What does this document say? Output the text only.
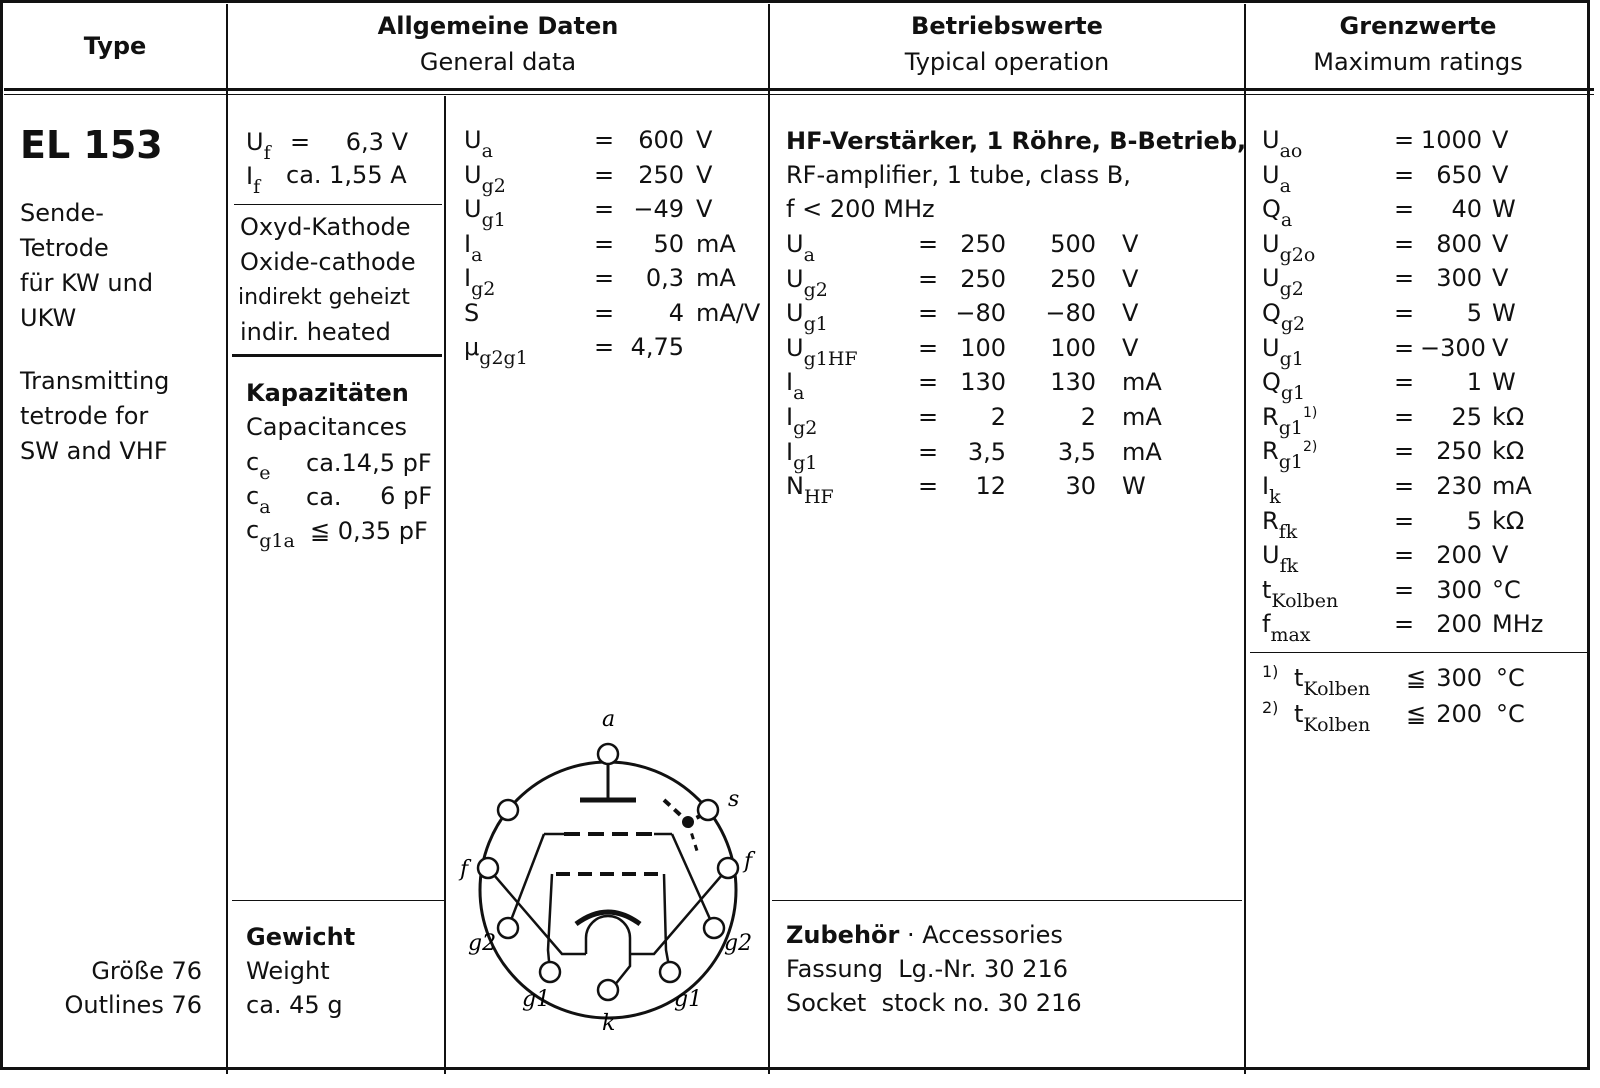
Type
Allgemeine Daten
General data
Betriebswerte
Typical operation
Grenzwerte
Maximum ratings
EL 153
Sende-
Tetrode
für KW und
UKW
Transmitting
tetrode for
SW and VHF
Größe 76
Outlines 76
$U_f$ =	6,3 V
$I_f$ ca. 1,55 A
Oxyd-Kathode
Oxide-cathode
indirekt geheizt
indir. heated
Kapazitäten
Capacitances
$c_e$ ca.14,5 pF
$c_a$ ca.	6 pF
$c_{g1a}$ ≦ 0,35 pF
Gewicht
Weight
ca. 45 g
$U_a$	=	600 V
$U_{g2}$	=	250 V
$U_{g1}$	= −49 V
$I_a$	=	50 mA
$I_{g2}$	=	0,3 mA
S	=	4 mA/V
$\mu_{g2g1}$	= 4,75
HF-Verstärker, 1 Röhre, B-Betrieb,
RF-amplifier, 1 tube, class B,
f < 200 MHz
$U_a$	= 250	500 V
$U_{g2}$	= 250	250 V
$U_{g1}$	= −80 −80 V
$U_{g1HF}$	= 100	100 V
$I_a$	= 130	130 mA
$I_{g2}$	=	2	2 mA
$I_{g1}$	=	3,5	3,5 mA
$N_{HF}$	=	12	30 W
Zubehör · Accessories
Fassung  Lg.-Nr. 30 216
Socket  stock no. 30 216
$U_{ao}$	= 1000 V
$U_a$	= 650 V
$Q_a$	=	40 W
$U_{g2o}$	= 800 V
$U_{g2}$	= 300 V
$Q_{g2}$	=	5 W
$U_{g1}$	= −300 V
$Q_{g1}$	=	1 W
$R_{g1}^{1)}$	=	25 kΩ
$R_{g1}^{2)}$	= 250 kΩ
$I_k$	= 230 mA
$R_{fk}$	=	5 kΩ
$U_{fk}$	= 200 V
$t_{Kolben} = 300$ °C
$f_{max}$	= 200 MHz
1) $t_{Kolben}$ ≦ 300 °C
2) $t_{Kolben}$ ≦ 200 °C
a
s
f	f
g2	g2
g1	g1
k
